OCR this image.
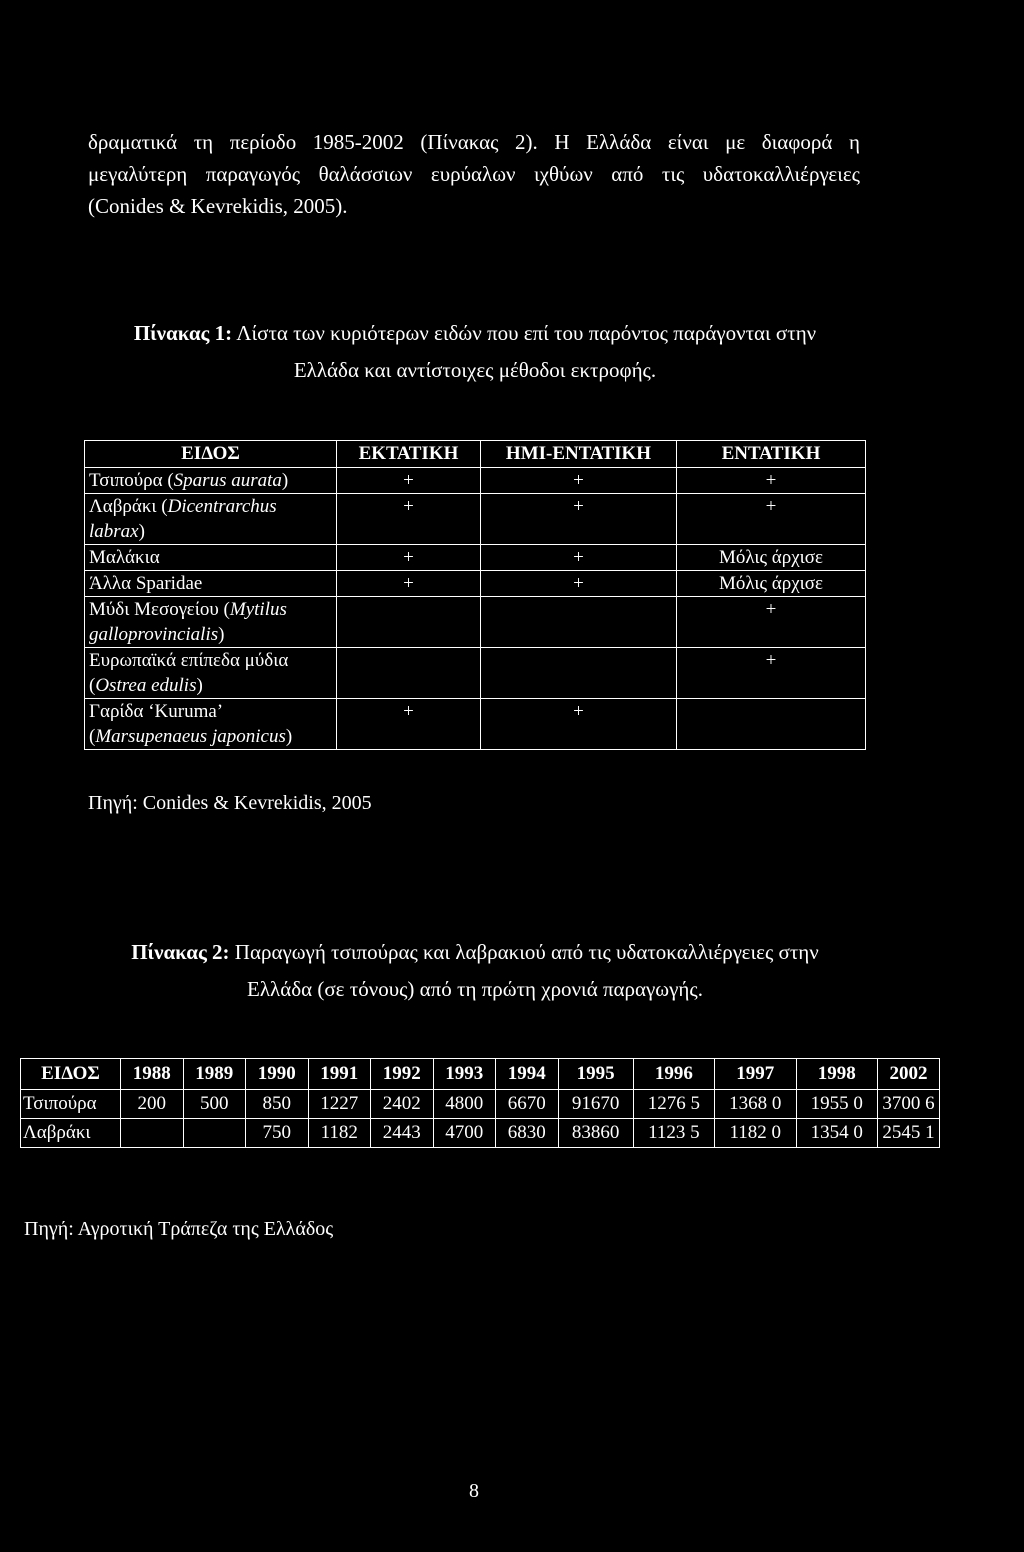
δραματικά τη περίοδο 1985-2002 (Πίνακας 2). Η Ελλάδα είναι με διαφορά η
μεγαλύτερη παραγωγός θαλάσσιων ευρύαλων ιχθύων από τις υδατοκαλλιέργειες
(Conides & Kevrekidis, 2005).

Πίνακας 1: Λίστα των κυριότερων ειδών που επί του παρόντος παράγονται στην
Ελλάδα και αντίστοιχες μέθοδοι εκτροφής.

ΕΙΔΟΣ	ΕΚΤΑΤΙΚΗ	ΗΜΙ-ΕΝΤΑΤΙΚΗ	ΕΝΤΑΤΙΚΗ
Τσιπούρα (Sparus aurata)	+	+	+
Λαβράκι (Dicentrarchus labrax)	+	+	+
Μαλάκια	+	+	Μόλις άρχισε
Άλλα Sparidae	+	+	Μόλις άρχισε
Μύδι Μεσογείου (Mytilus galloprovincialis)			+
Ευρωπαϊκά επίπεδα μύδια (Ostrea edulis)			+
Γαρίδα ‘Kuruma’ (Marsupenaeus japonicus)	+	+	
Πηγή: Conides & Kevrekidis, 2005

Πίνακας 2: Παραγωγή τσιπούρας και λαβρακιού από τις υδατοκαλλιέργειες στην
Ελλάδα (σε τόνους) από τη πρώτη χρονιά παραγωγής.

ΕΙΔΟΣ	1988	1989	1990	1991	1992	1993	1994	1995	1996	1997	1998	2002
Τσιπούρα	200	500	850	1227	2402	4800	6670	91670	1276 5	1368 0	1955 0	3700 6
Λαβράκι			750	1182	2443	4700	6830	83860	1123 5	1182 0	1354 0	2545 1
Πηγή: Αγροτική Τράπεζα της Ελλάδος
8
